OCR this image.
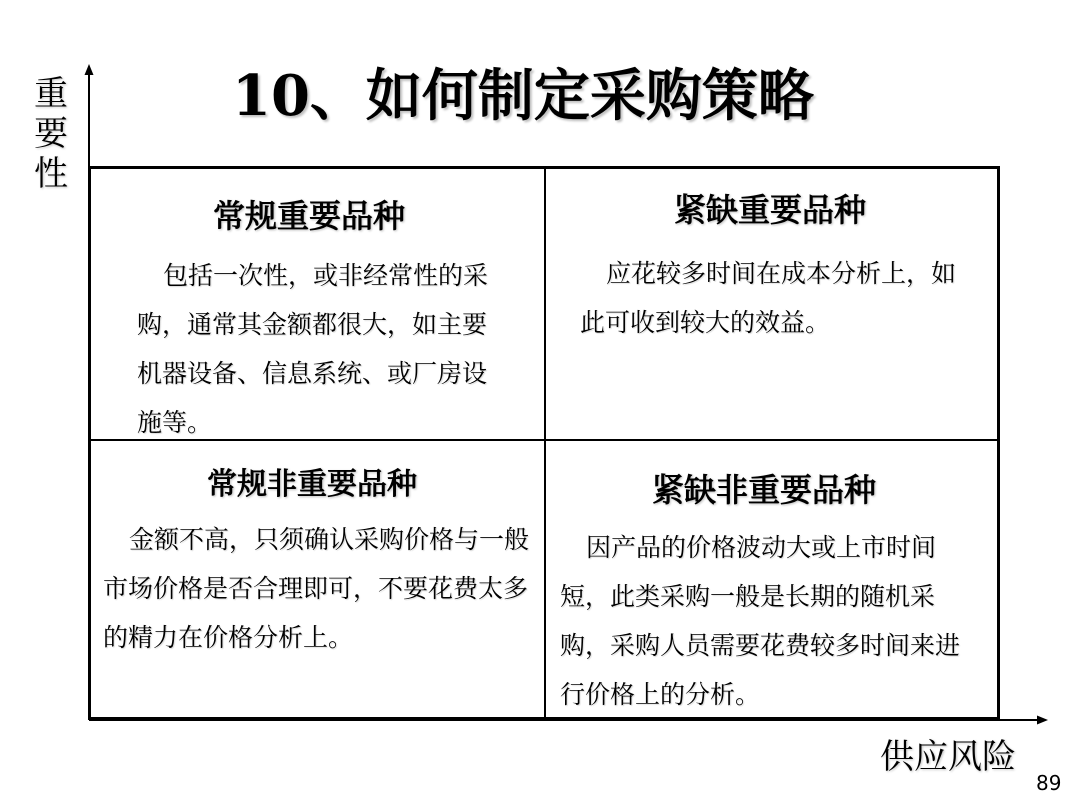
10、如何制定采购策略
重要性
供应风险
89
常规重要品种
包括一次性，或非经常性的采购，通常其金额都很大，如主要机器设备、信息系统、或厂房设施等。
紧缺重要品种
应花较多时间在成本分析上，如此可收到较大的效益。
常规非重要品种
金额不高，只须确认采购价格与一般市场价格是否合理即可，不要花费太多的精力在价格分析上。
紧缺非重要品种
因产品的价格波动大或上市时间短，此类采购一般是长期的随机采购，采购人员需要花费较多时间来进行价格上的分析。
